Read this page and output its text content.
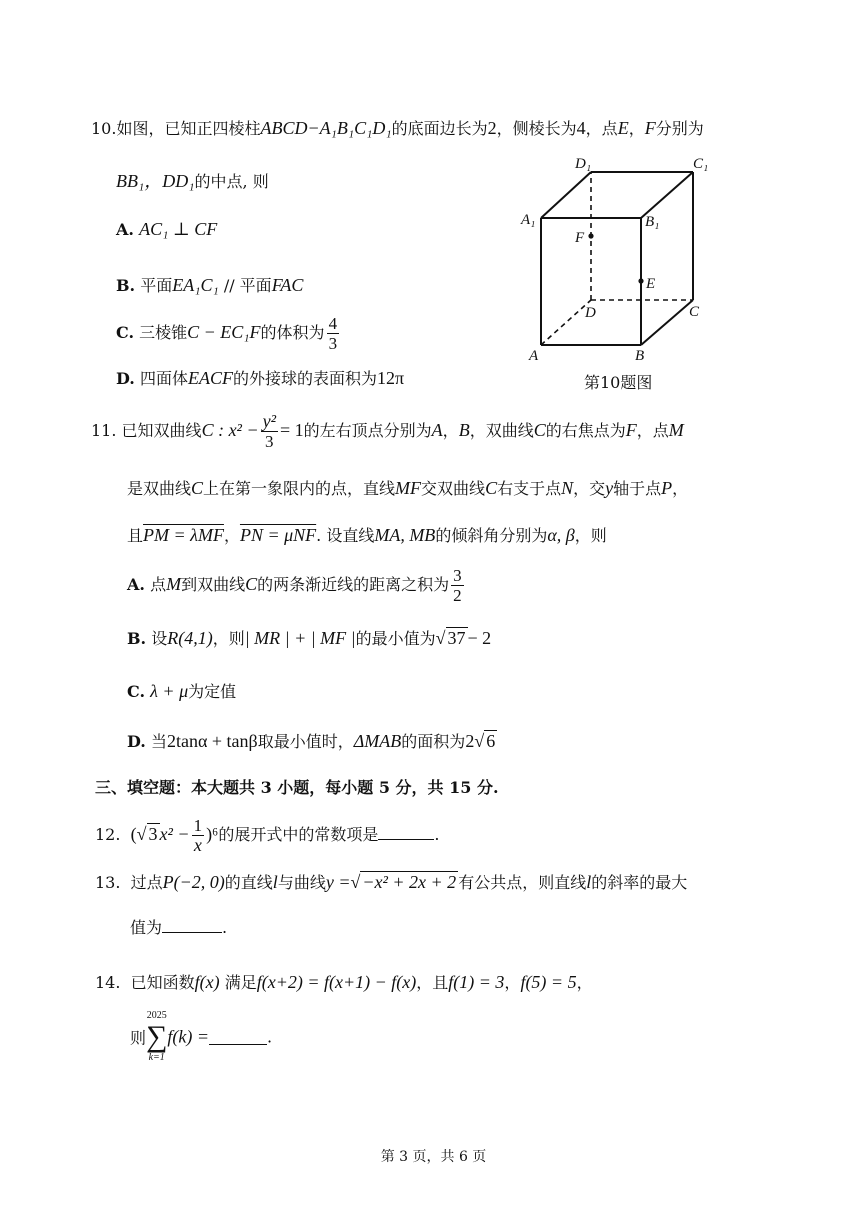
10.如图，已知正四棱柱ABCD−A₁B₁C₁D₁的底面边长为2，侧棱长为4，点E，F分别为
BB₁，DD₁的中点, 则
A. AC₁ ⊥ CF
B. 平面EA₁C₁ // 平面FAC
C. 三棱锥C − EC₁F的体积为 $\frac{4}{3}$
D. 四面体EACF的外接球的表面积为12π
D₁	C₁
A₁	B₁
F
E
D	C
A	B
第10题图
11. 已知双曲线C : $x^2 - \frac{\text{y²}}{3} = 1$的左右顶点分别为A，B，双曲线C的右焦点为F，点M
是双曲线C上在第一象限内的点，直线MF交双曲线C右支于点N，交y轴于点P，
且PM = λMF，PN = μNF. 设直线MA, MB的倾斜角分别为α, β，则
A. 点M到双曲线C的两条渐近线的距离之积为 $\frac{3}{2}$
B. 设R(4,1)，则| MR | + | MF |的最小值为√ 37 − 2
C. λ + μ为定值
D. 当2tanα + tanβ取最小值时，ΔMAB的面积为2√ 6
三、填空题：本大题共 3 小题，每小题 5 分，共 15 分.
12. (√ 3 $x^2 - \frac{1}{x} )^6$的展开式中的常数项是	.
13. 过点P(−2, 0)的直线l与曲线y =√ −x² + 2x + 2 有公共点，则直线l的斜率的最大
值为	.
14. 已知函数f(x) 满足f(x+2) = f(x+1) − f(x)，且f(1) = 3，f(5) = 5，
则
2025
∑
k=1
f(k) =	.
第 3 页，共 6 页
